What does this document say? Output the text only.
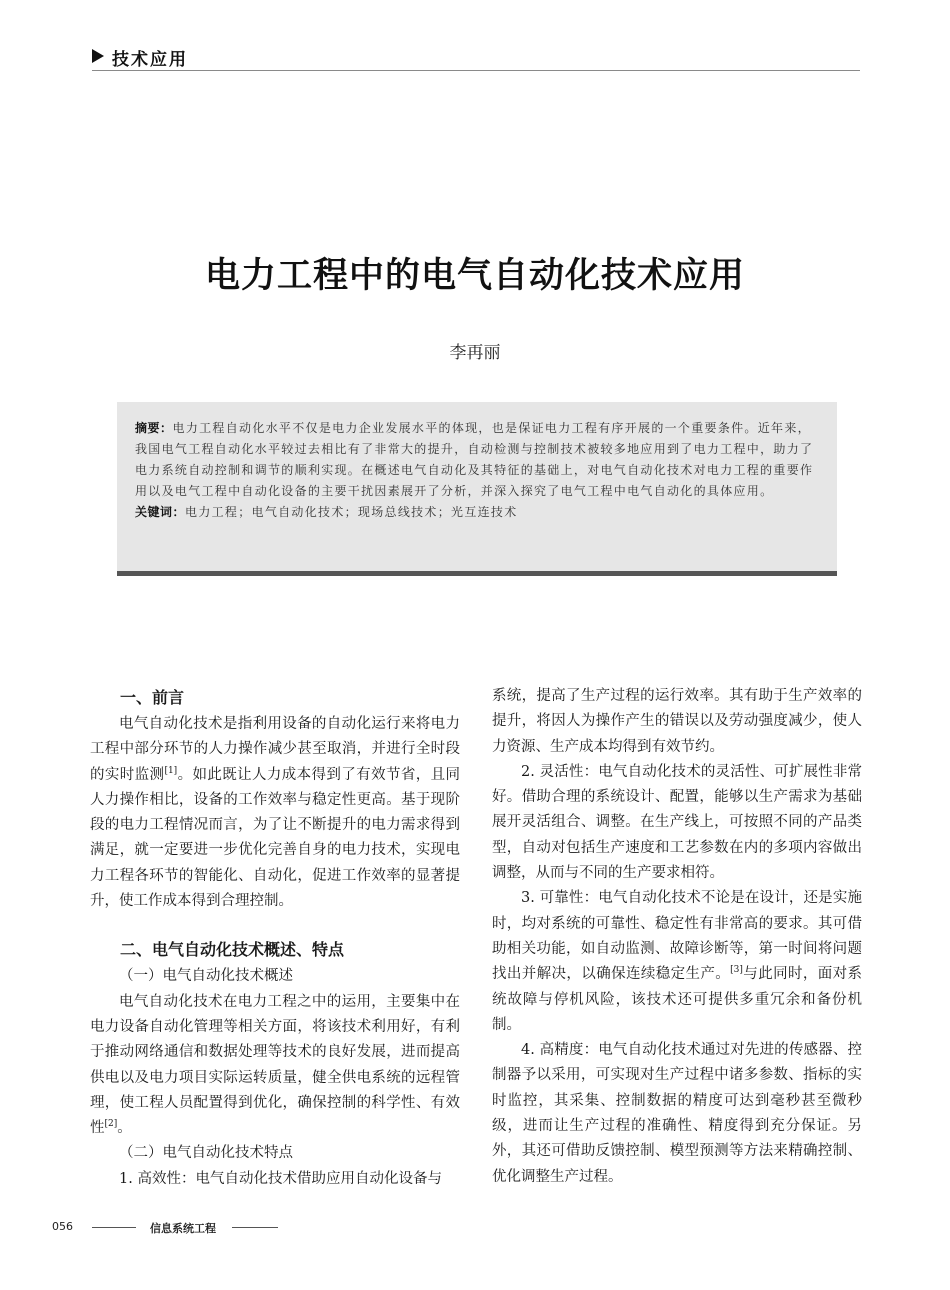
技术应用
电力工程中的电气自动化技术应用
李再丽
摘要：电力工程自动化水平不仅是电力企业发展水平的体现，也是保证电力工程有序开展的一个重要条件。近年来，我国电气工程自动化水平较过去相比有了非常大的提升，自动检测与控制技术被较多地应用到了电力工程中，助力了电力系统自动控制和调节的顺利实现。在概述电气自动化及其特征的基础上，对电气自动化技术对电力工程的重要作用以及电气工程中自动化设备的主要干扰因素展开了分析，并深入探究了电气工程中电气自动化的具体应用。
关键词：电力工程；电气自动化技术；现场总线技术；光互连技术
一、前言

电气自动化技术是指利用设备的自动化运行来将电力工程中部分环节的人力操作减少甚至取消，并进行全时段的实时监测[1]。如此既让人力成本得到了有效节省，且同人力操作相比，设备的工作效率与稳定性更高。基于现阶段的电力工程情况而言，为了让不断提升的电力需求得到满足，就一定要进一步优化完善自身的电力技术，实现电力工程各环节的智能化、自动化，促进工作效率的显著提升，使工作成本得到合理控制。

二、电气自动化技术概述、特点

（一）电气自动化技术概述

电气自动化技术在电力工程之中的运用，主要集中在电力设备自动化管理等相关方面，将该技术利用好，有利于推动网络通信和数据处理等技术的良好发展，进而提高供电以及电力项目实际运转质量，健全供电系统的远程管理，使工程人员配置得到优化，确保控制的科学性、有效性[2]。

（二）电气自动化技术特点

1. 高效性：电气自动化技术借助应用自动化设备与

系统，提高了生产过程的运行效率。其有助于生产效率的提升，将因人为操作产生的错误以及劳动强度减少，使人力资源、生产成本均得到有效节约。

2. 灵活性：电气自动化技术的灵活性、可扩展性非常好。借助合理的系统设计、配置，能够以生产需求为基础展开灵活组合、调整。在生产线上，可按照不同的产品类型，自动对包括生产速度和工艺参数在内的多项内容做出调整，从而与不同的生产要求相符。

3. 可靠性：电气自动化技术不论是在设计，还是实施时，均对系统的可靠性、稳定性有非常高的要求。其可借助相关功能，如自动监测、故障诊断等，第一时间将问题找出并解决，以确保连续稳定生产。[3]与此同时，面对系统故障与停机风险，该技术还可提供多重冗余和备份机制。

4. 高精度：电气自动化技术通过对先进的传感器、控制器予以采用，可实现对生产过程中诸多参数、指标的实时监控，其采集、控制数据的精度可达到毫秒甚至微秒级，进而让生产过程的准确性、精度得到充分保证。另外，其还可借助反馈控制、模型预测等方法来精确控制、优化调整生产过程。

056	信息系统工程
